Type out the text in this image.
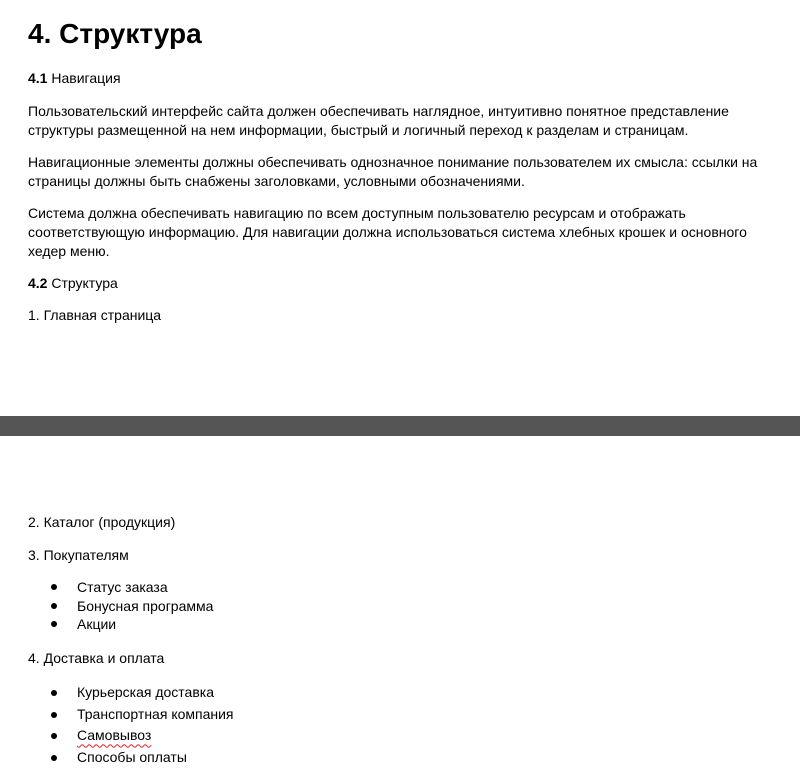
4. Структура

4.1 Навигация

Пользовательский интерфейс сайта должен обеспечивать наглядное, интуитивно понятное представление структуры размещенной на нем информации, быстрый и логичный переход к разделам и страницам.

Навигационные элементы должны обеспечивать однозначное понимание пользователем их смысла: ссылки на страницы должны быть снабжены заголовками, условными обозначениями.

Система должна обеспечивать навигацию по всем доступным пользователю ресурсам и отображать соответствующую информацию. Для навигации должна использоваться система хлебных крошек и основного хедер меню.

4.2 Структура

1. Главная страница

2. Каталог (продукция)

3. Покупателям

Статус заказа
Бонусная программа
Акции

4. Доставка и оплата

Курьерская доставка
Транспортная компания
Самовывоз
Способы оплаты
